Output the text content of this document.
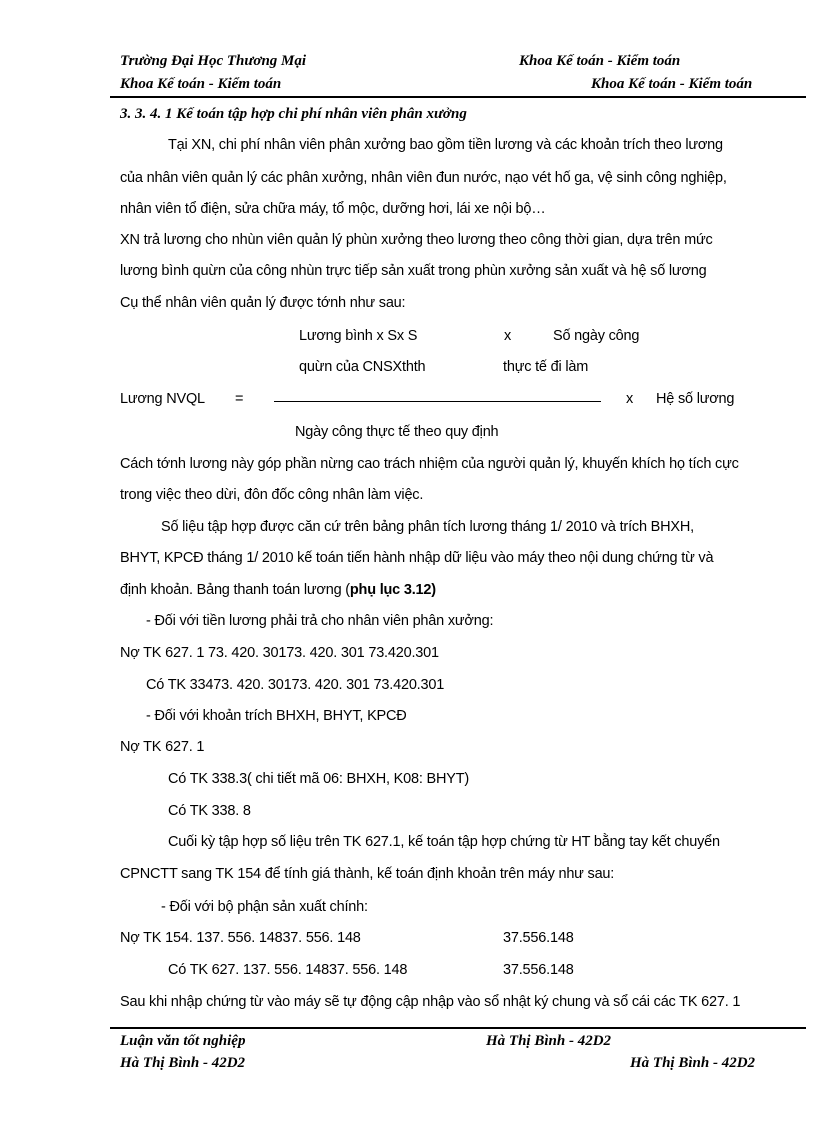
Trường Đại Học Thương Mại	Khoa Kế toán - Kiểm toán
Khoa Kế toán - Kiểm toán	Khoa Kế toán - Kiểm toán
3. 3. 4. 1 Kế toán tập hợp chi phí nhân viên phân xưởng
Tại XN, chi phí nhân viên phân xưởng bao gồm tiền lương và các khoản trích theo lương
của nhân viên quản lý các phân xưởng, nhân viên đun nước, nạo vét hố ga, vệ sinh công nghiệp,
nhân viên tổ điện, sửa chữa máy, tổ mộc, dưỡng hơi, lái xe nội bộ…
XN trả lương cho nhùn viên quản lý phùn xưởng theo lương theo công thời gian, dựa trên mức
lương bình quừn của công nhùn trực tiếp sản xuất trong phùn xưởng sản xuất và hệ số lương
Cụ thể nhân viên quản lý được tớnh như sau:
Lương bình x Sx S	x	Số ngày công
quừn của CNSXthth	thực tế đi làm
Lương NVQL =	x Hệ số lương
Ngày công thực tế theo quy định
Cách tớnh lương này góp phần nừng cao trách nhiệm của người quản lý, khuyến khích họ tích cực
trong việc theo dừi, đôn đốc công nhân làm việc.
Số liệu tập hợp được căn cứ trên bảng phân tích lương tháng 1/ 2010 và trích BHXH,
BHYT, KPCĐ tháng 1/ 2010 kế toán tiến hành nhập dữ liệu vào máy theo nội dung chứng từ và
định khoản. Bảng thanh toán lương (phụ lục 3.12)
- Đối với tiền lương phải trả cho nhân viên phân xưởng:
Nợ TK 627. 1 73. 420. 30173. 420. 301 73.420.301
Có TK 33473. 420. 30173. 420. 301 73.420.301
- Đối với khoản trích BHXH, BHYT, KPCĐ
Nợ TK 627. 1
Có TK 338.3( chi tiết mã 06: BHXH, K08: BHYT)
Có TK 338. 8
Cuối kỳ tập hợp số liệu trên TK 627.1, kế toán tập hợp chứng từ HT bằng tay kết chuyển
CPNCTT sang TK 154 để tính giá thành, kế toán định khoản trên máy như sau:
- Đối với bộ phận sản xuất chính:
Nợ TK 154. 137. 556. 14837. 556. 148	37.556.148
Có TK 627. 137. 556. 14837. 556. 148	37.556.148
Sau khi nhập chứng từ vào máy sẽ tự động cập nhập vào sổ nhật ký chung và sổ cái các TK 627. 1
Luận văn tốt nghiệp	Hà Thị Bình - 42D2
Hà Thị Bình - 42D2	Hà Thị Bình - 42D2
